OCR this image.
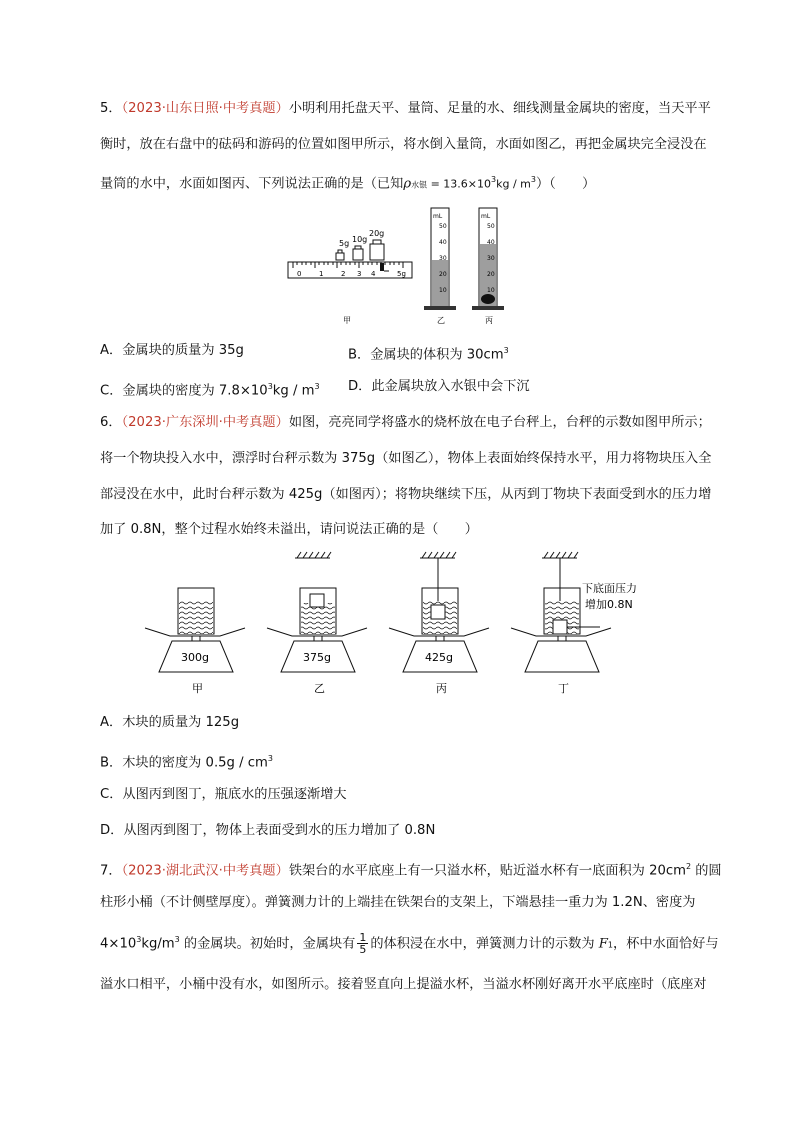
5．（2023·山东日照·中考真题）小明利用托盘天平、量筒、足量的水、细线测量金属块的密度，当天平平
衡时，放在右盘中的砝码和游码的位置如图甲所示，将水倒入量筒，水面如图乙，再把金属块完全浸没在
量筒的水中，水面如图丙、下列说法正确的是（已知ρ水银 = $13.6\times 10^3kg / m^3$）（　　）
5g 10g
20g
0	1	2 3 4	5g
甲
mL
50
40
30
20
10
乙
mL
50
40
30
20
10
丙
A．金属块的质量为 35g	B．金属块的体积为 $30cm^3$
C．金属块的密度为 $7.8\times 10^3kg / m^3$ D．此金属块放入水银中会下沉
6．（2023·广东深圳·中考真题）如图，亮亮同学将盛水的烧杯放在电子台秤上，台秤的示数如图甲所示；
将一个物块投入水中，漂浮时台秤示数为 375g（如图乙），物体上表面始终保持水平，用力将物块压入全
部浸没在水中，此时台秤示数为 425g（如图丙）；将物块继续下压，从丙到丁物块下表面受到水的压力增
加了 0.8N，整个过程水始终未溢出，请问说法正确的是（　　）
300g
甲
375g
乙
425g
丙	丁
下底面压力
增加0.8N
A．木块的质量为 125g
B．木块的密度为 $0.5g / cm^3$
C．从图丙到图丁，瓶底水的压强逐渐增大
D．从图丙到图丁，物体上表面受到水的压力增加了 0.8N
7．（2023·湖北武汉·中考真题）铁架台的水平底座上有一只溢水杯，贴近溢水杯有一底面积为 $20cm^2$ 的圆
柱形小桶（不计侧壁厚度）。弹簧测力计的上端挂在铁架台的支架上，下端悬挂一重力为 1.2N、密度为
$4\times 10^3kg/m^3$ 的金属块。初始时，金属块有 $\frac{1}{5}$ 的体积浸在水中，弹簧测力计的示数为 F1，杯中水面恰好与
溢水口相平，小桶中没有水，如图所示。接着竖直向上提溢水杯，当溢水杯刚好离开水平底座时（底座对
